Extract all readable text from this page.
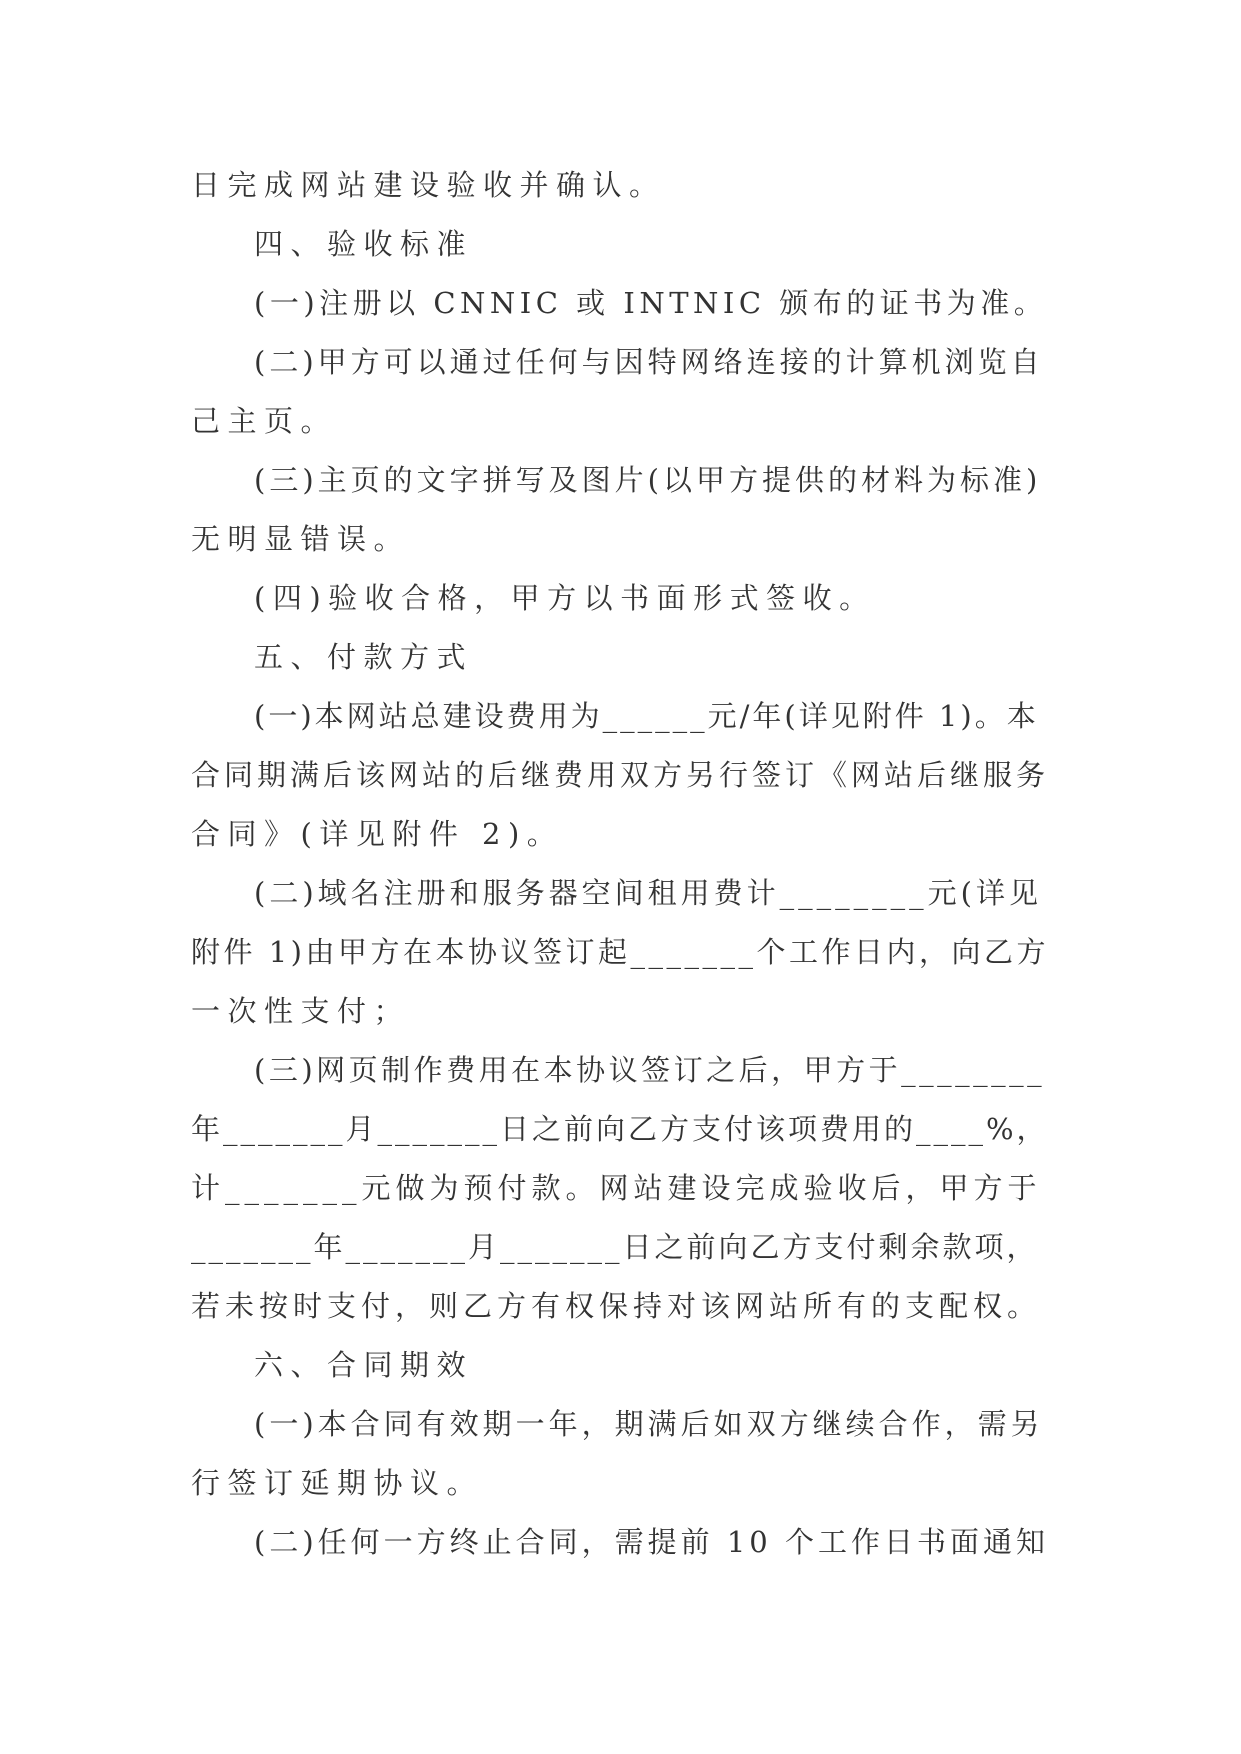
日完成网站建设验收并确认。
四、验收标准
(一)注册以 CNNIC 或 INTNIC 颁布的证书为准。
(二)甲方可以通过任何与因特网络连接的计算机浏览自
己主页。
(三)主页的文字拼写及图片(以甲方提供的材料为标准)
无明显错误。
(四)验收合格，甲方以书面形式签收。
五、付款方式
(一)本网站总建设费用为______元/年(详见附件 1)。本
合同期满后该网站的后继费用双方另行签订《网站后继服务
合同》(详见附件 2)。
(二)域名注册和服务器空间租用费计________元(详见
附件 1)由甲方在本协议签订起_______个工作日内，向乙方
一次性支付；
(三)网页制作费用在本协议签订之后，甲方于________
年_______月_______日之前向乙方支付该项费用的____%，
计_______元做为预付款。网站建设完成验收后，甲方于
_______年_______月_______日之前向乙方支付剩余款项，
若未按时支付，则乙方有权保持对该网站所有的支配权。
六、合同期效
(一)本合同有效期一年，期满后如双方继续合作，需另
行签订延期协议。
(二)任何一方终止合同，需提前 10 个工作日书面通知
